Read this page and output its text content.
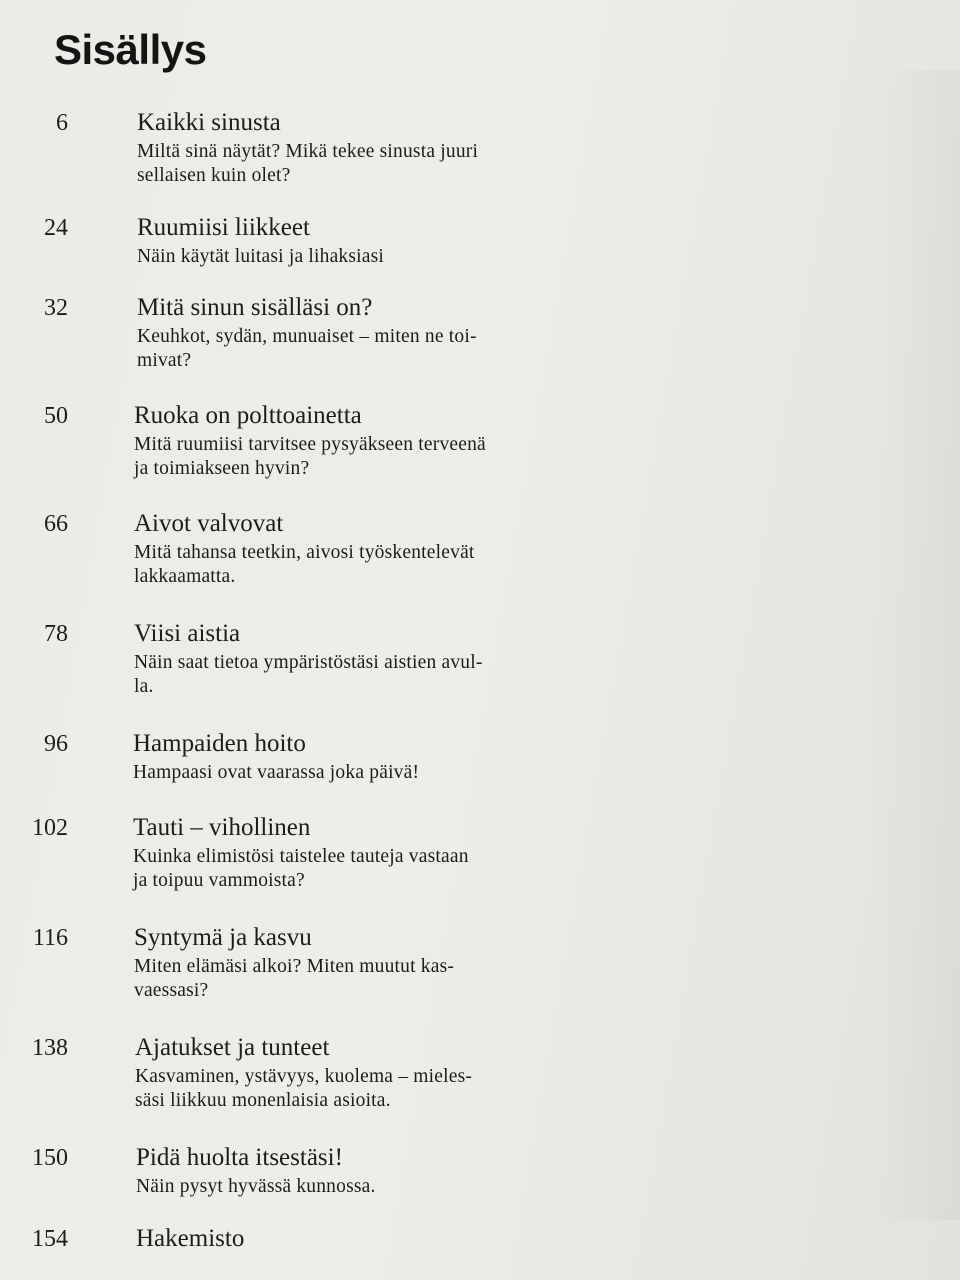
Sisällys
6	Kaikki sinusta
Miltä sinä näytät? Mikä tekee sinusta juuri
sellaisen kuin olet?
24	Ruumiisi liikkeet
Näin käytät luitasi ja lihaksiasi
32	Mitä sinun sisälläsi on?
Keuhkot, sydän, munuaiset – miten ne toi-
mivat?
50	Ruoka on polttoainetta
Mitä ruumiisi tarvitsee pysyäkseen terveenä
ja toimiakseen hyvin?
66	Aivot valvovat
Mitä tahansa teetkin, aivosi työskentelevät
lakkaamatta.
78	Viisi aistia
Näin saat tietoa ympäristöstäsi aistien avul-
la.
96	Hampaiden hoito
Hampaasi ovat vaarassa joka päivä!
102	Tauti – vihollinen
Kuinka elimistösi taistelee tauteja vastaan
ja toipuu vammoista?
116	Syntymä ja kasvu
Miten elämäsi alkoi? Miten muutut kas-
vaessasi?
138	Ajatukset ja tunteet
Kasvaminen, ystävyys, kuolema – mieles-
säsi liikkuu monenlaisia asioita.
150	Pidä huolta itsestäsi!
Näin pysyt hyvässä kunnossa.
154	Hakemisto
